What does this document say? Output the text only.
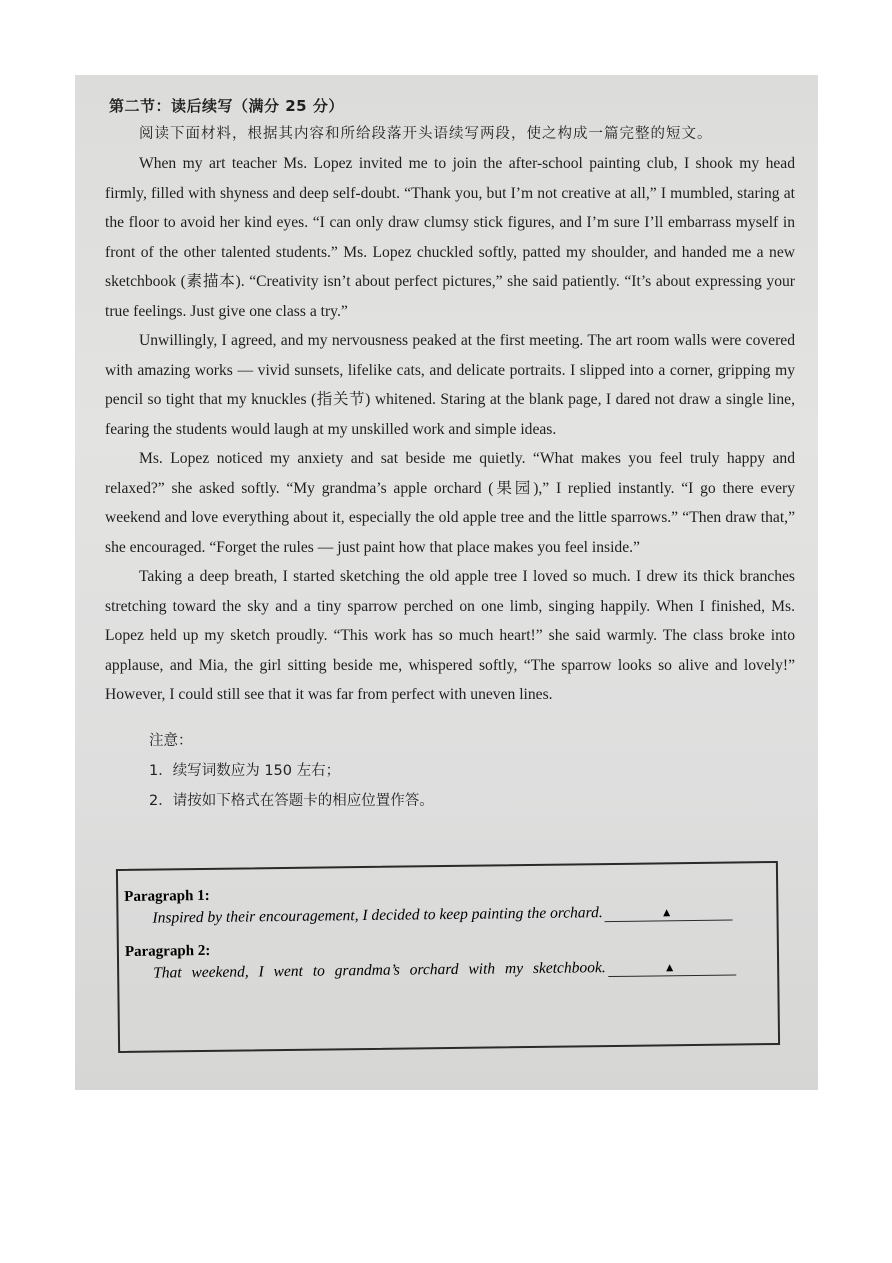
第二节：读后续写（满分 25 分）
阅读下面材料，根据其内容和所给段落开头语续写两段，使之构成一篇完整的短文。

When my art teacher Ms. Lopez invited me to join the after-school painting club, I shook my head firmly, filled with shyness and deep self-doubt. “Thank you, but I’m not creative at all,” I mumbled, staring at the floor to avoid her kind eyes. “I can only draw clumsy stick figures, and I’m sure I’ll embarrass myself in front of the other talented students.” Ms. Lopez chuckled softly, patted my shoulder, and handed me a new sketchbook (素描本). “Creativity isn’t about perfect pictures,” she said patiently. “It’s about expressing your true feelings. Just give one class a try.”

Unwillingly, I agreed, and my nervousness peaked at the first meeting. The art room walls were covered with amazing works — vivid sunsets, lifelike cats, and delicate portraits. I slipped into a corner, gripping my pencil so tight that my knuckles (指关节) whitened. Staring at the blank page, I dared not draw a single line, fearing the students would laugh at my unskilled work and simple ideas.

Ms. Lopez noticed my anxiety and sat beside me quietly. “What makes you feel truly happy and relaxed?” she asked softly. “My grandma’s apple orchard (果园),” I replied instantly. “I go there every weekend and love everything about it, especially the old apple tree and the little sparrows.” “Then draw that,” she encouraged. “Forget the rules — just paint how that place makes you feel inside.”

Taking a deep breath, I started sketching the old apple tree I loved so much. I drew its thick branches stretching toward the sky and a tiny sparrow perched on one limb, singing happily. When I finished, Ms. Lopez held up my sketch proudly. “This work has so much heart!” she said warmly. The class broke into applause, and Mia, the girl sitting beside me, whispered softly, “The sparrow looks so alive and lovely!” However, I could still see that it was far from perfect with uneven lines.

注意：
1．续写词数应为 150 左右；
2．请按如下格式在答题卡的相应位置作答。

Paragraph 1:

Inspired by their encouragement, I decided to keep painting the orchard.	▲

Paragraph 2:

That weekend, I went to grandma’s orchard with my sketchbook.	▲
